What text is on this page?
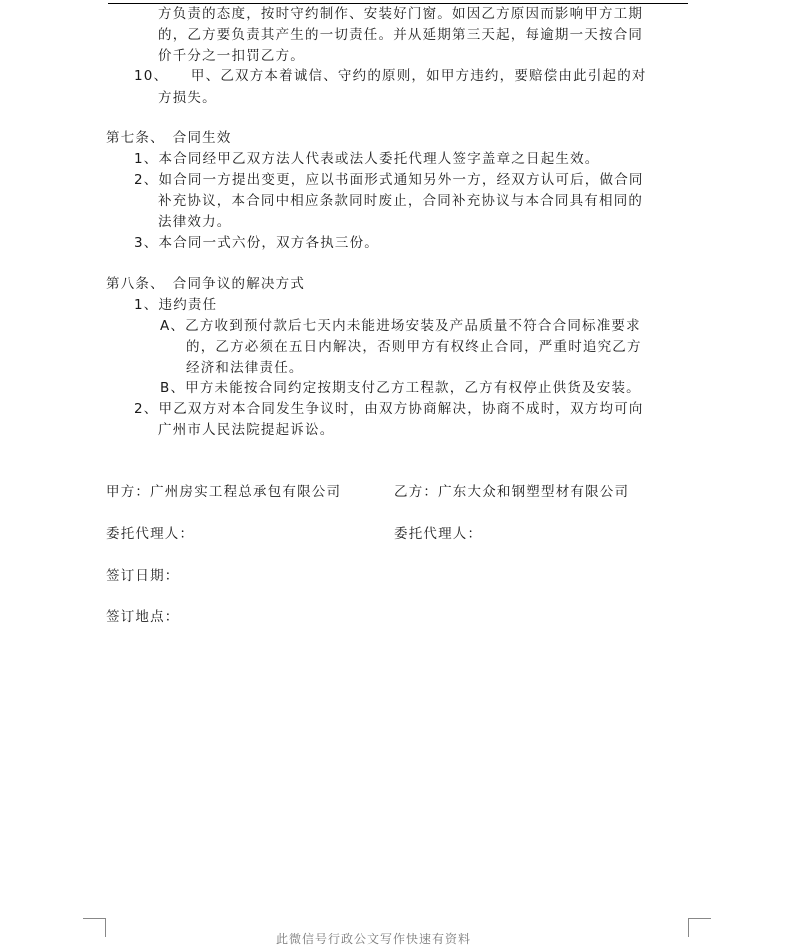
方负责的态度，按时守约制作、安装好门窗。如因乙方原因而影响甲方工期
的，乙方要负责其产生的一切责任。并从延期第三天起，每逾期一天按合同
价千分之一扣罚乙方。
10、　　甲、乙双方本着诚信、守约的原则，如甲方违约，要赔偿由此引起的对
方损失。
第七条、　合同生效
1、本合同经甲乙双方法人代表或法人委托代理人签字盖章之日起生效。
2、如合同一方提出变更，应以书面形式通知另外一方，经双方认可后，做合同
补充协议，本合同中相应条款同时废止，合同补充协议与本合同具有相同的
法律效力。
3、本合同一式六份，双方各执三份。
第八条、　合同争议的解决方式
1、违约责任
A、乙方收到预付款后七天内未能进场安装及产品质量不符合合同标准要求
的，乙方必须在五日内解决，否则甲方有权终止合同，严重时追究乙方
经济和法律责任。
B、甲方未能按合同约定按期支付乙方工程款，乙方有权停止供货及安装。
2、甲乙双方对本合同发生争议时，由双方协商解决，协商不成时，双方均可向
广州市人民法院提起诉讼。
甲方：广州房实工程总承包有限公司	乙方：广东大众和钢塑型材有限公司
委托代理人：	委托代理人：
签订日期：
签订地点：
此微信号行政公文写作快速有资料
